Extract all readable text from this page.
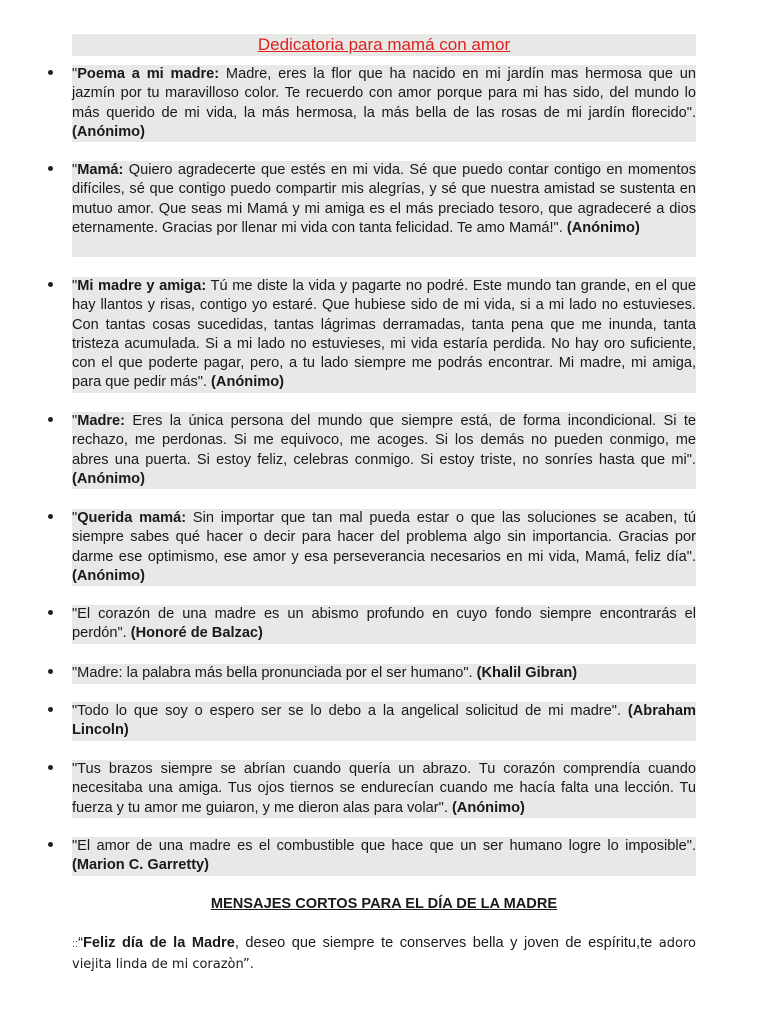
Dedicatoria para mamá con amor
"Poema a mi madre: Madre, eres la flor que ha nacido en mi jardín mas hermosa que un jazmín por tu maravilloso color. Te recuerdo con amor porque para mi has sido, del mundo lo más querido de mi vida, la más hermosa, la más bella de las rosas de mi jardín florecido". (Anónimo)
"Mamá: Quiero agradecerte que estés en mi vida. Sé que puedo contar contigo en momentos difíciles, sé que contigo puedo compartir mis alegrías, y sé que nuestra amistad se sustenta en mutuo amor. Que seas mi Mamá y mi amiga es el más preciado tesoro, que agradeceré a dios eternamente. Gracias por llenar mi vida con tanta felicidad. Te amo Mamá!". (Anónimo)
"Mi madre y amiga: Tú me diste la vida y pagarte no podré. Este mundo tan grande, en el que hay llantos y risas, contigo yo estaré. Que hubiese sido de mi vida, si a mi lado no estuvieses. Con tantas cosas sucedidas, tantas lágrimas derramadas, tanta pena que me inunda, tanta tristeza acumulada. Si a mi lado no estuvieses, mi vida estaría perdida. No hay oro suficiente, con el que poderte pagar, pero, a tu lado siempre me podrás encontrar. Mi madre, mi amiga, para que pedir más". (Anónimo)
"Madre: Eres la única persona del mundo que siempre está, de forma incondicional. Si te rechazo, me perdonas. Si me equivoco, me acoges. Si los demás no pueden conmigo, me abres una puerta. Si estoy feliz, celebras conmigo. Si estoy triste, no sonríes hasta que mi". (Anónimo)
"Querida mamá: Sin importar que tan mal pueda estar o que las soluciones se acaben, tú siempre sabes qué hacer o decir para hacer del problema algo sin importancia. Gracias por darme ese optimismo, ese amor y esa perseverancia necesarios en mi vida, Mamá, feliz día". (Anónimo)
"El corazón de una madre es un abismo profundo en cuyo fondo siempre encontrarás el perdón". (Honoré de Balzac)
"Madre: la palabra más bella pronunciada por el ser humano". (Khalil Gibran)
"Todo lo que soy o espero ser se lo debo a la angelical solicitud de mi madre". (Abraham Lincoln)
"Tus brazos siempre se abrían cuando quería un abrazo. Tu corazón comprendía cuando necesitaba una amiga. Tus ojos tiernos se endurecían cuando me hacía falta una lección. Tu fuerza y tu amor me guiaron, y me dieron alas para volar". (Anónimo)
"El amor de una madre es el combustible que hace que un ser humano logre lo imposible". (Marion C. Garretty)
MENSAJES CORTOS PARA EL DÍA DE LA MADRE
::“Feliz día de la Madre, deseo que siempre te conserves bella y joven de espíritu,te adoro viejita linda de mi corazòn”.
